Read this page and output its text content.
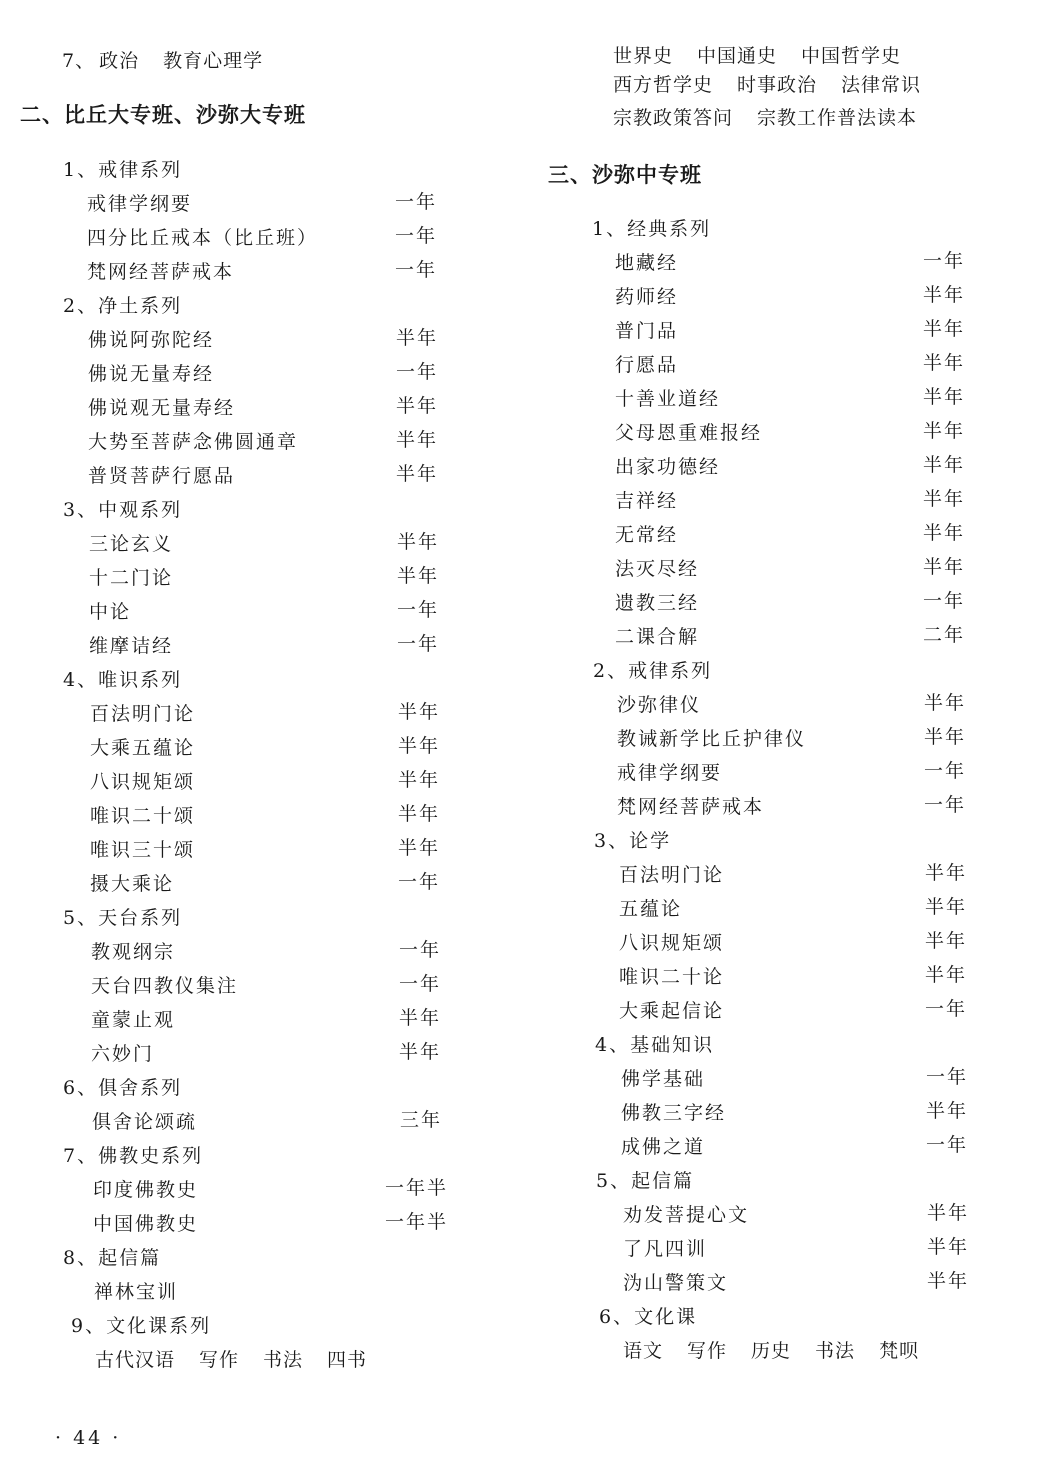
7、 政治 教育心理学
二、比丘大专班、沙弥大专班
1、戒律系列
戒律学纲要	一年
四分比丘戒本（比丘班）	一年
梵网经菩萨戒本	一年
2、净土系列
佛说阿弥陀经	半年
佛说无量寿经	一年
佛说观无量寿经	半年
大势至菩萨念佛圆通章	半年
普贤菩萨行愿品	半年
3、中观系列
三论玄义	半年
十二门论	半年
中论	一年
维摩诘经	一年
4、唯识系列
百法明门论	半年
大乘五蕴论	半年
八识规矩颂	半年
唯识二十颂	半年
唯识三十颂	半年
摄大乘论	一年
5、天台系列
教观纲宗	一年
天台四教仪集注	一年
童蒙止观	半年
六妙门	半年
6、俱舍系列
俱舍论颂疏	三年
7、佛教史系列
印度佛教史	一年半
中国佛教史	一年半
8、起信篇
禅林宝训
9、文化课系列
古代汉语 写作 书法 四书
世界史 中国通史 中国哲学史
西方哲学史 时事政治 法律常识
宗教政策答问 宗教工作普法读本
三、沙弥中专班
1、经典系列
地藏经	一年
药师经	半年
普门品	半年
行愿品	半年
十善业道经	半年
父母恩重难报经	半年
出家功德经	半年
吉祥经	半年
无常经	半年
法灭尽经	半年
遗教三经	一年
二课合解	二年
2、戒律系列
沙弥律仪	半年
教诫新学比丘护律仪	半年
戒律学纲要	一年
梵网经菩萨戒本	一年
3、论学
百法明门论	半年
五蕴论	半年
八识规矩颂	半年
唯识二十论	半年
大乘起信论	一年
4、基础知识
佛学基础	一年
佛教三字经	半年
成佛之道	一年
5、起信篇
劝发菩提心文	半年
了凡四训	半年
沩山警策文	半年
6、文化课
语文 写作 历史 书法 梵呗
· 44 ·
